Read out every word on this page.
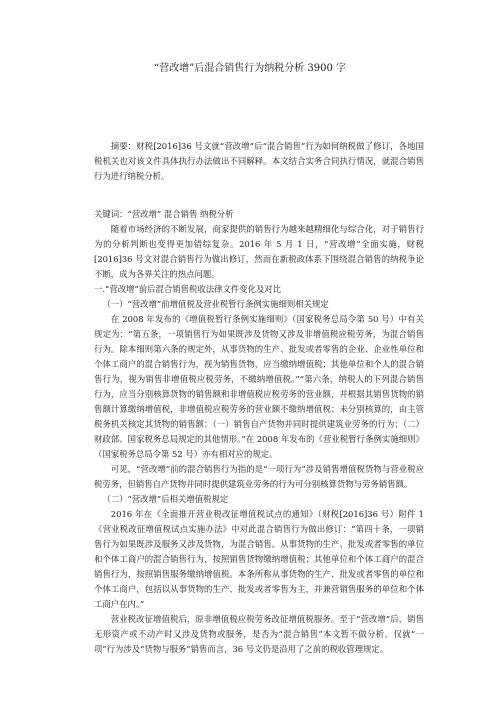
“营改增”后混合销售行为纳税分析 3900 字

摘要：财税[2016]36 号文就“营改增”后“混合销售”行为如何纳税做了修订，各地国税机关也对该文件具体执行办法做出不同解释。本文结合实务合同执行情况，就混合销售行为进行纳税分析。

关键词：“营改增” 混合销售 纳税分析

随着市场经济的不断发展，商家提供的销售行为越来越精细化与综合化，对于销售行为的分析判断也变得更加错综复杂。2016 年 5 月 1 日，“营改增”全面实施，财税[2016]36 号文对混合销售行为做出修订，然而在新税政体系下围绕混合销售的纳税争论不断，成为各界关注的热点问题。

一.“营改增”前后混合销售税收法律文件变化及对比

（一）“营改增”前增值税及营业税暂行条例实施细则相关规定

在 2008 年发布的《增值税暂行条例实施细则》（国家税务总局令第 50 号）中有关规定为：“第五条，一项销售行为如果既涉及货物又涉及非增值税应税劳务，为混合销售行为。除本细则第六条的规定外，从事货物的生产、批发或者零售的企业、企业性单位和个体工商户的混合销售行为，视为销售货物，应当缴纳增值税；其他单位和个人的混合销售行为，视为销售非增值税应税劳务，不缴纳增值税。”“第六条，纳税人的下列混合销售行为，应当分别核算货物的销售额和非增值税应税劳务的营业额，并根据其销售货物的销售额计算缴纳增值税，非增值税应税劳务的营业额不缴纳增值税；未分别核算的，由主管税务机关核定其货物的销售额：（一）销售自产货物并同时提供建筑业劳务的行为；（二）财政部、国家税务总局规定的其他情形。”在 2008 年发布的《营业税暂行条例实施细则》（国家税务总局令第 52 号）亦有相对应的规定。

可见，“营改增”前的混合销售行为指的是“一项行为”涉及销售增值税货物与营业税应税劳务，但销售自产货物并同时提供建筑业劳务的行为可分别核算货物与劳务销售额。

（二）“营改增”后相关增值税规定

2016 年在《全面推开营业税改征增值税试点的通知》（财税[2016]36 号）附件 1《营业税改征增值税试点实施办法》中对此混合销售行为做出修订：“第四十条，一项销售行为如果既涉及服务又涉及货物，为混合销售。从事货物的生产、批发或者零售的单位和个体工商户的混合销售行为，按照销售货物缴纳增值税；其他单位和个体工商户的混合销售行为，按照销售服务缴纳增值税。本条所称从事货物的生产、批发或者零售的单位和个体工商户，包括以从事货物的生产、批发或者零售为主，并兼营销售服务的单位和个体工商户在内。”

营业税改征增值税后，原非增值税应税劳务改征增值税服务。至于“营改增”后，销售无形资产或不动产时又涉及货物或服务，是否为“混合销售”本文暂不做分析。仅就“一项”行为涉及“货物与服务”销售而言，36 号文仍是沿用了之前的税收管理规定。
